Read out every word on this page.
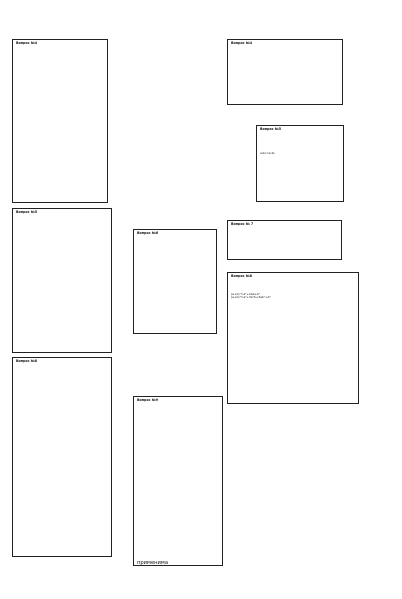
Вопрос №4	Вопрос №4
Вопрос №5
a₁b₁=a₂b₂
Вопрос №5
Вопрос №6
Вопрос № 7
Вопрос №8
(a+b)²=a²+2ab+b²
(a+b)³=a³+3a²b+3ab²+b³
Вопрос №8
Вопрос №9
применима
